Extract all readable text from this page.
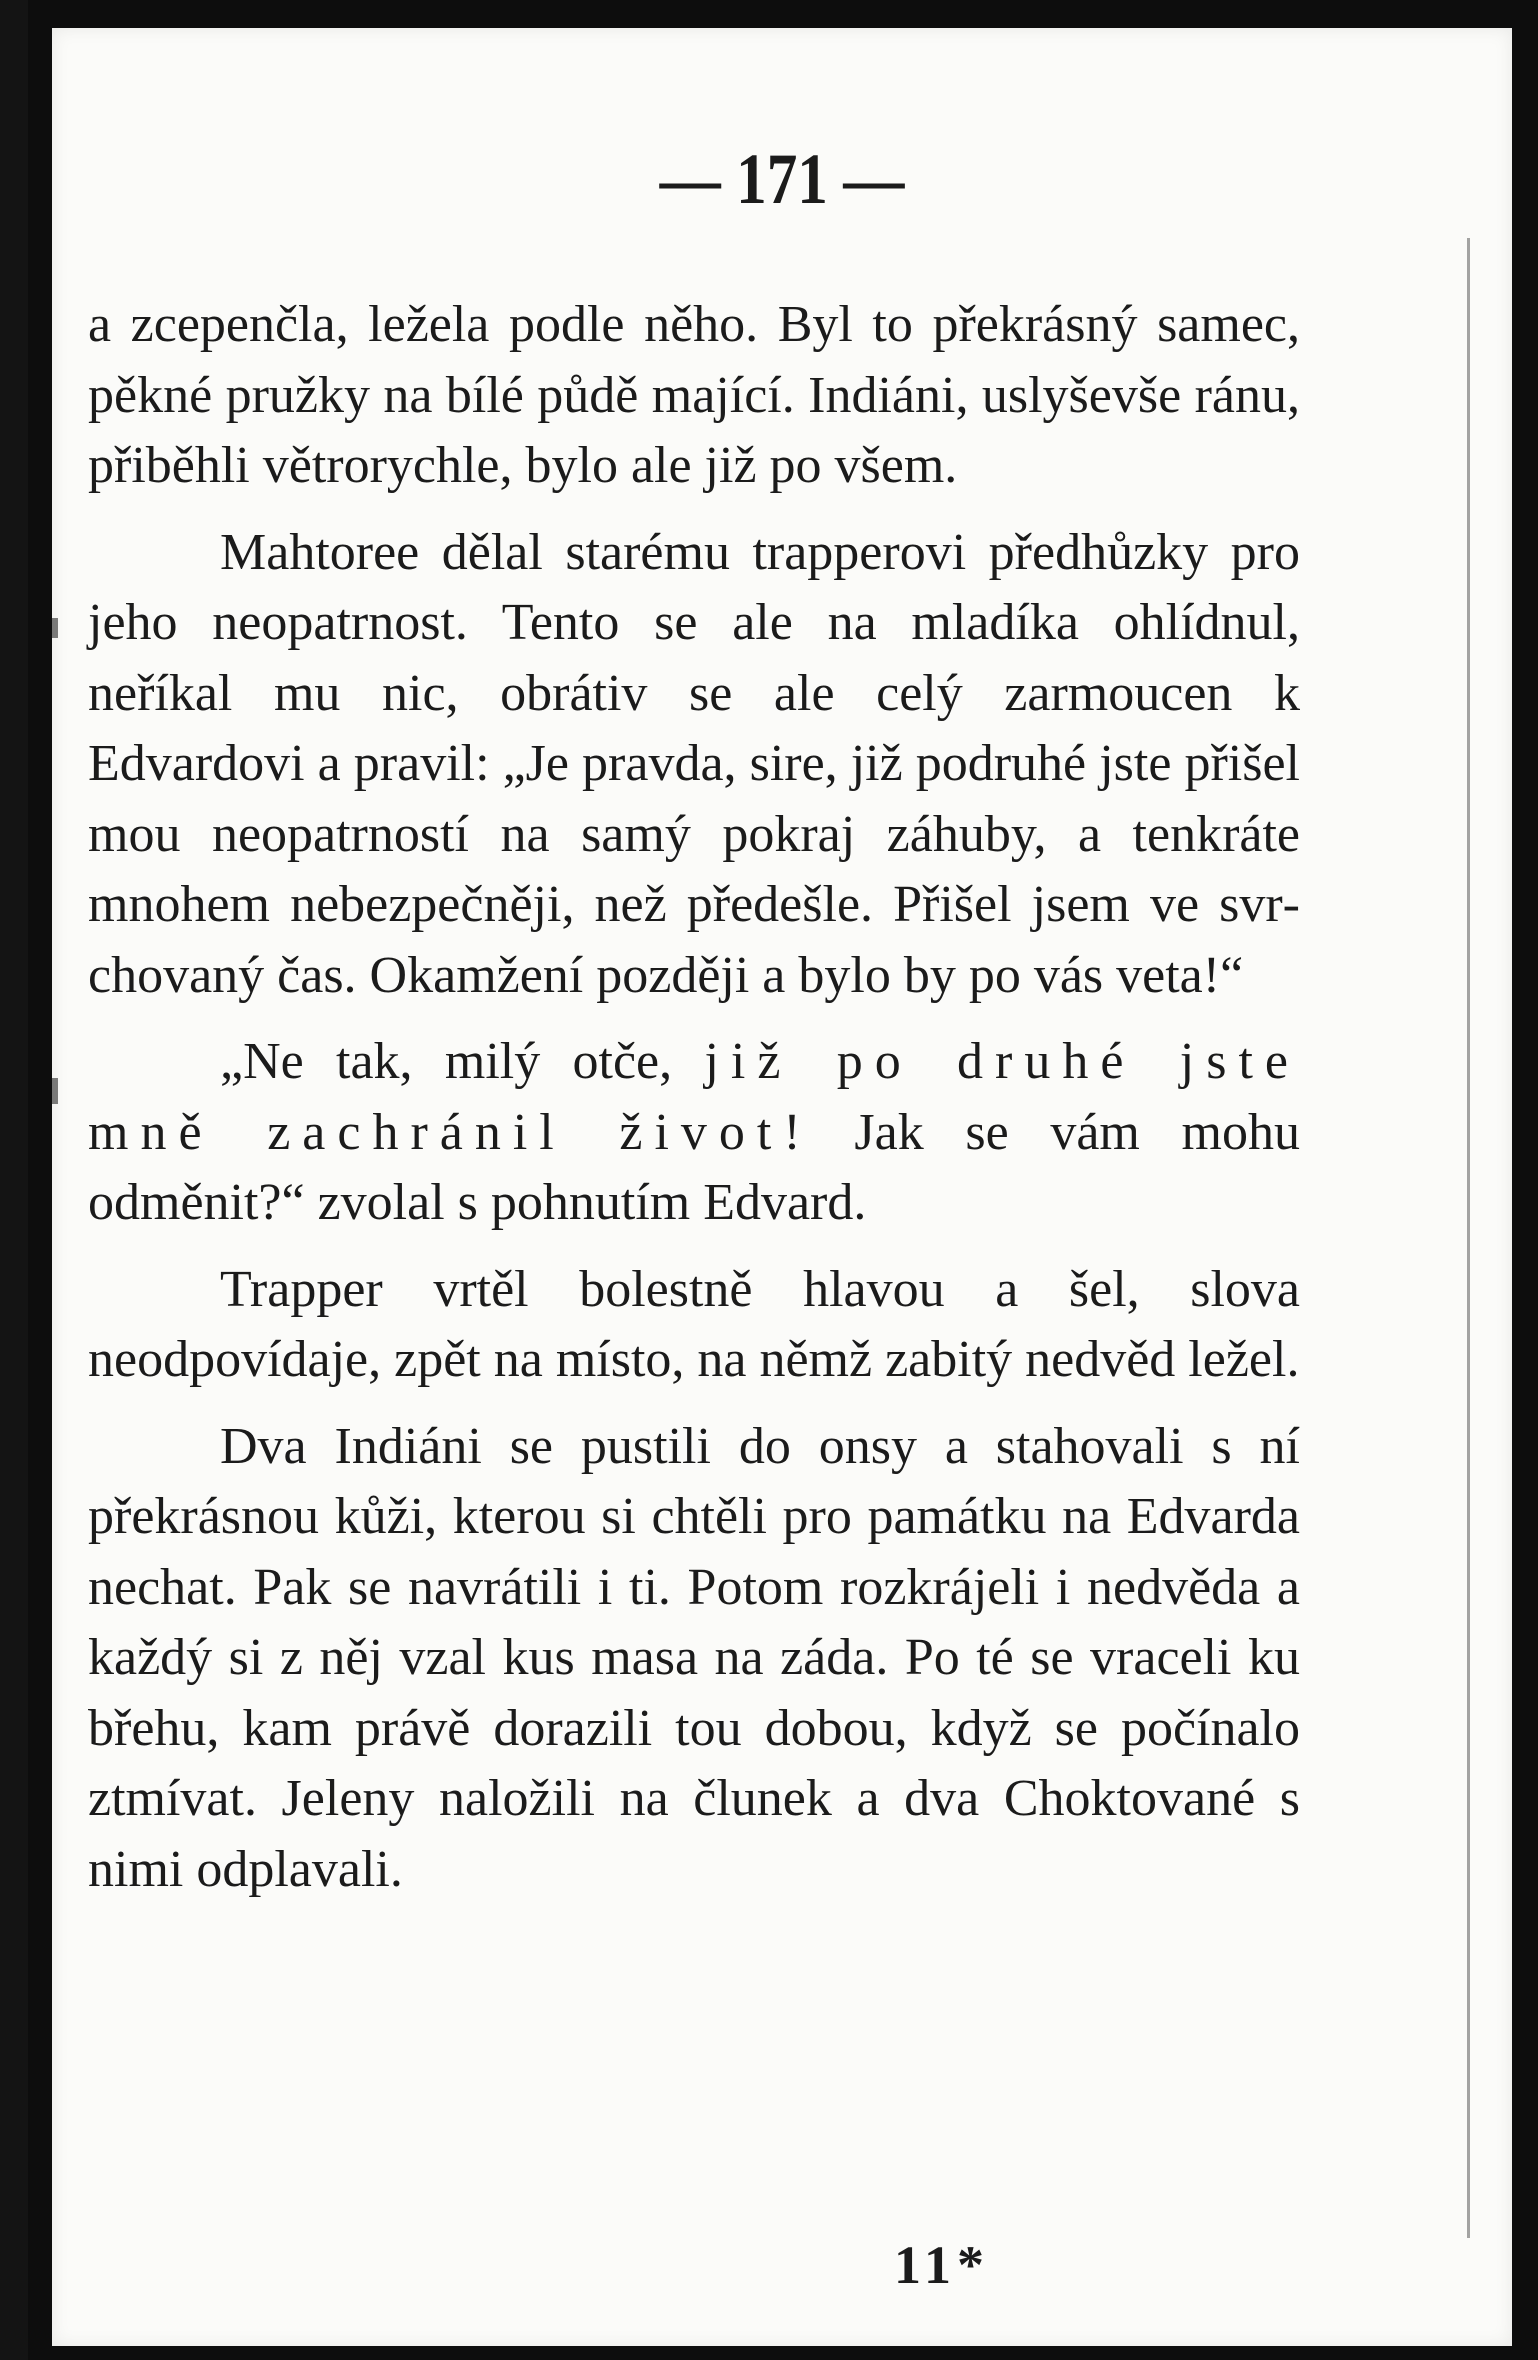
— 171 —

a zcepenčla, ležela podle něho. Byl to překrásný samec, pěkné pružky na bílé půdě mající. Indiáni, uslyševše ránu, přiběhli větrorychle, bylo ale již po všem.

Mahtoree dělal starému trapperovi předhůzky pro jeho neopatrnost. Tento se ale na mladíka ohlídnul, neříkal mu nic, obrátiv se ale celý zarmoucen k Edvardovi a pravil: „Je pravda, sire, již podruhé jste přišel mou neopatrností na samý pokraj záhuby, a tenkráte mnohem nebezpečněji, než předešle. Přišel jsem ve svrchovaný čas. Okamžení později a bylo by po vás veta!“

„Ne tak, milý otče, již po druhé jste mně zachránil život! Jak se vám mohu odměnit?“ zvolal s pohnutím Edvard.

Trapper vrtěl bolestně hlavou a šel, slova neodpovídaje, zpět na místo, na němž zabitý nedvěd ležel.

Dva Indiáni se pustili do onsy a stahovali s ní překrásnou kůži, kterou si chtěli pro památku na Edvarda nechat. Pak se navrátili i ti. Potom rozkrájeli i nedvěda a každý si z něj vzal kus masa na záda. Po té se vraceli ku břehu, kam právě dorazili tou dobou, když se počínalo ztmívat. Jeleny naložili na člunek a dva Choktované s nimi odplavali.

11*
